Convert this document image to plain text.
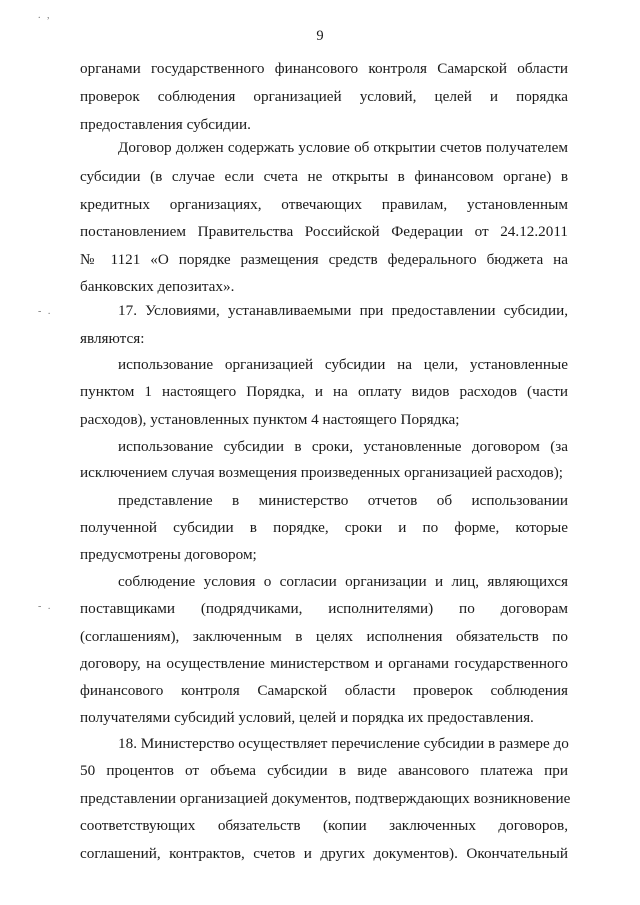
9
. ,
- .
- .
органами государственного финансового контроля Самарской области
проверок соблюдения организацией условий, целей и порядка
предоставления субсидии.
Договор должен содержать условие об открытии счетов получателем
субсидии (в случае если счета не открыты в финансовом органе) в
кредитных организациях, отвечающих правилам, установленным
постановлением Правительства Российской Федерации от 24.12.2011
№ 1121 «О порядке размещения средств федерального бюджета на
банковских депозитах».
17. Условиями, устанавливаемыми при предоставлении субсидии,
являются:
использование организацией субсидии на цели, установленные
пунктом 1 настоящего Порядка, и на оплату видов расходов (части
расходов), установленных пунктом 4 настоящего Порядка;
использование субсидии в сроки, установленные договором (за
исключением случая возмещения произведенных организацией расходов);
представление в министерство отчетов об использовании
полученной субсидии в порядке, сроки и по форме, которые
предусмотрены договором;
соблюдение условия о согласии организации и лиц, являющихся
поставщиками (подрядчиками, исполнителями) по договорам
(соглашениям), заключенным в целях исполнения обязательств по
договору, на осуществление министерством и органами государственного
финансового контроля Самарской области проверок соблюдения
получателями субсидий условий, целей и порядка их предоставления.
18. Министерство осуществляет перечисление субсидии в размере до
50 процентов от объема субсидии в виде авансового платежа при
представлении организацией документов, подтверждающих возникновение
соответствующих обязательств (копии заключенных договоров,
соглашений, контрактов, счетов и других документов). Окончательный
